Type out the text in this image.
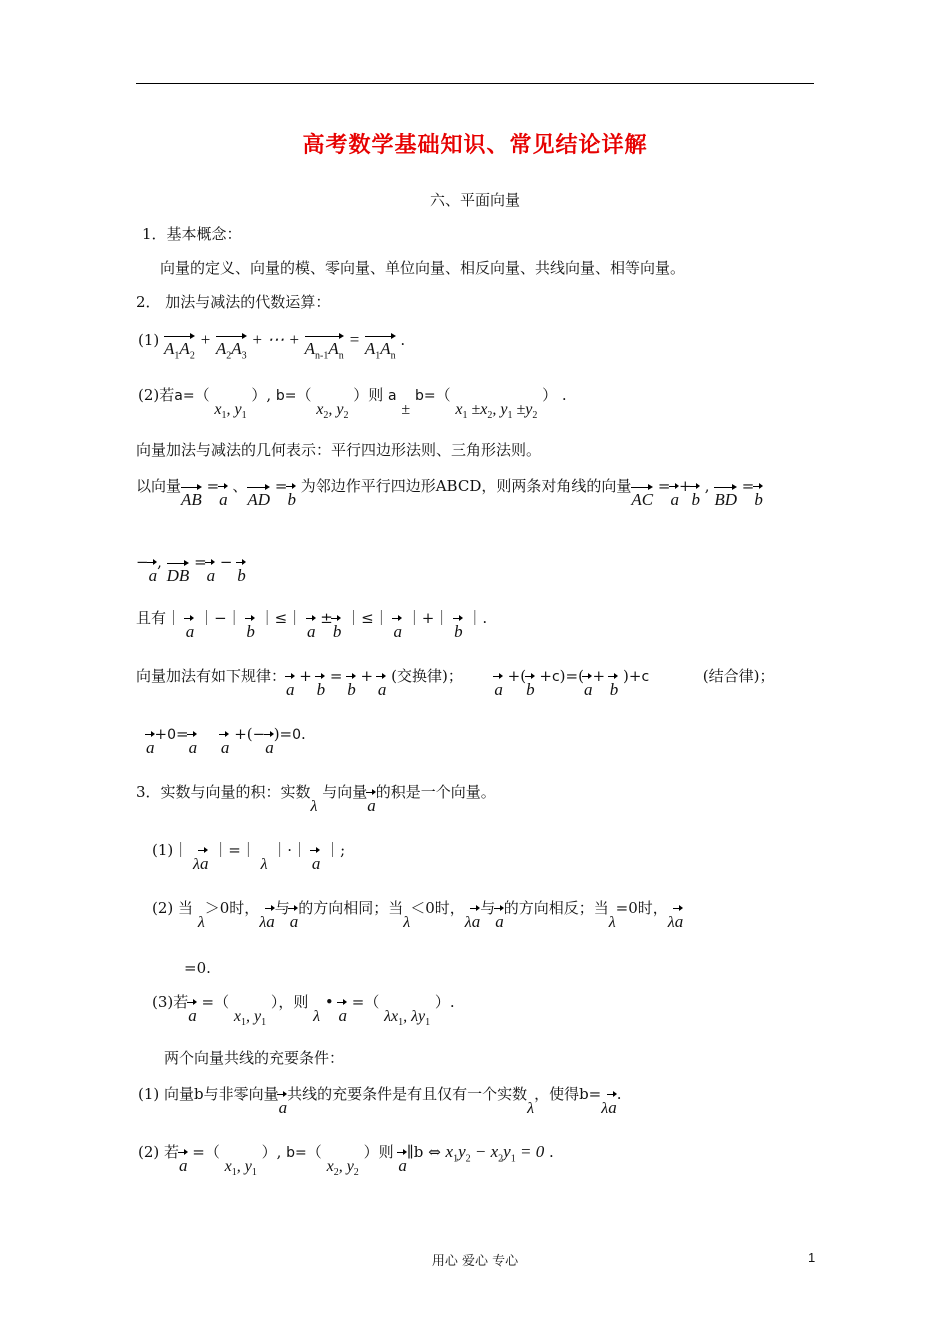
高考数学基础知识、常见结论详解
六、平面向量
1．基本概念：
向量的定义、向量的模、零向量、单位向量、相反向量、共线向量、相等向量。
2． 加法与减法的代数运算：
(1) $A_1A_2 + A_2A_3$ + ⋯ + $A_{n-1}A_n = A_1A_n$ .
(2)若a=（ $x_1$, $y_1$ ）, b=（ $x_2$, $y_2$ ）则 a ± b=（ $x_1 \pm x_2$, $y_1 \pm y_2$ ） .
向量加法与减法的几何表示：平行四边形法则、三角形法则。
以向量AB =a 、AD =b 为邻边作平行四边形ABCD，则两条对角线的向量AC =a+b , BD =b
−a, DB =a − b
且有｜ a ｜−｜ b ｜≤｜ a ±b ｜≤｜ a ｜+｜ b ｜.
向量加法有如下规律：a + b = b + a (交换律)；  a +(b +c)=(a+ b )+c	(结合律)；
a+0=a a +(−a)=0.
3．实数与向量的积：实数λ 与向量a的积是一个向量。
(1)｜ λa ｜=｜ λ ｜·｜ a ｜;
(2) 当 λ＞0时，λa与a的方向相同；当λ＜0时，λa与a的方向相反；当λ=0时，λa
=0.
(3)若a =（ $x_1$, $y_1$ ），则 λ • a =（ $\lambda x_1$, $\lambda y_1$ ）.
两个向量共线的充要条件：
(1) 向量b与非零向量a共线的充要条件是有且仅有一个实数λ，使得b=λa.
(2) 若a =（ $x_1$, $y_1$ ）, b=（ $x_2$, $y_2$ ）则 a∥b ⇔ $x_1y_2 - x_2y_1 = 0$ .
用心 爱心 专心	1
